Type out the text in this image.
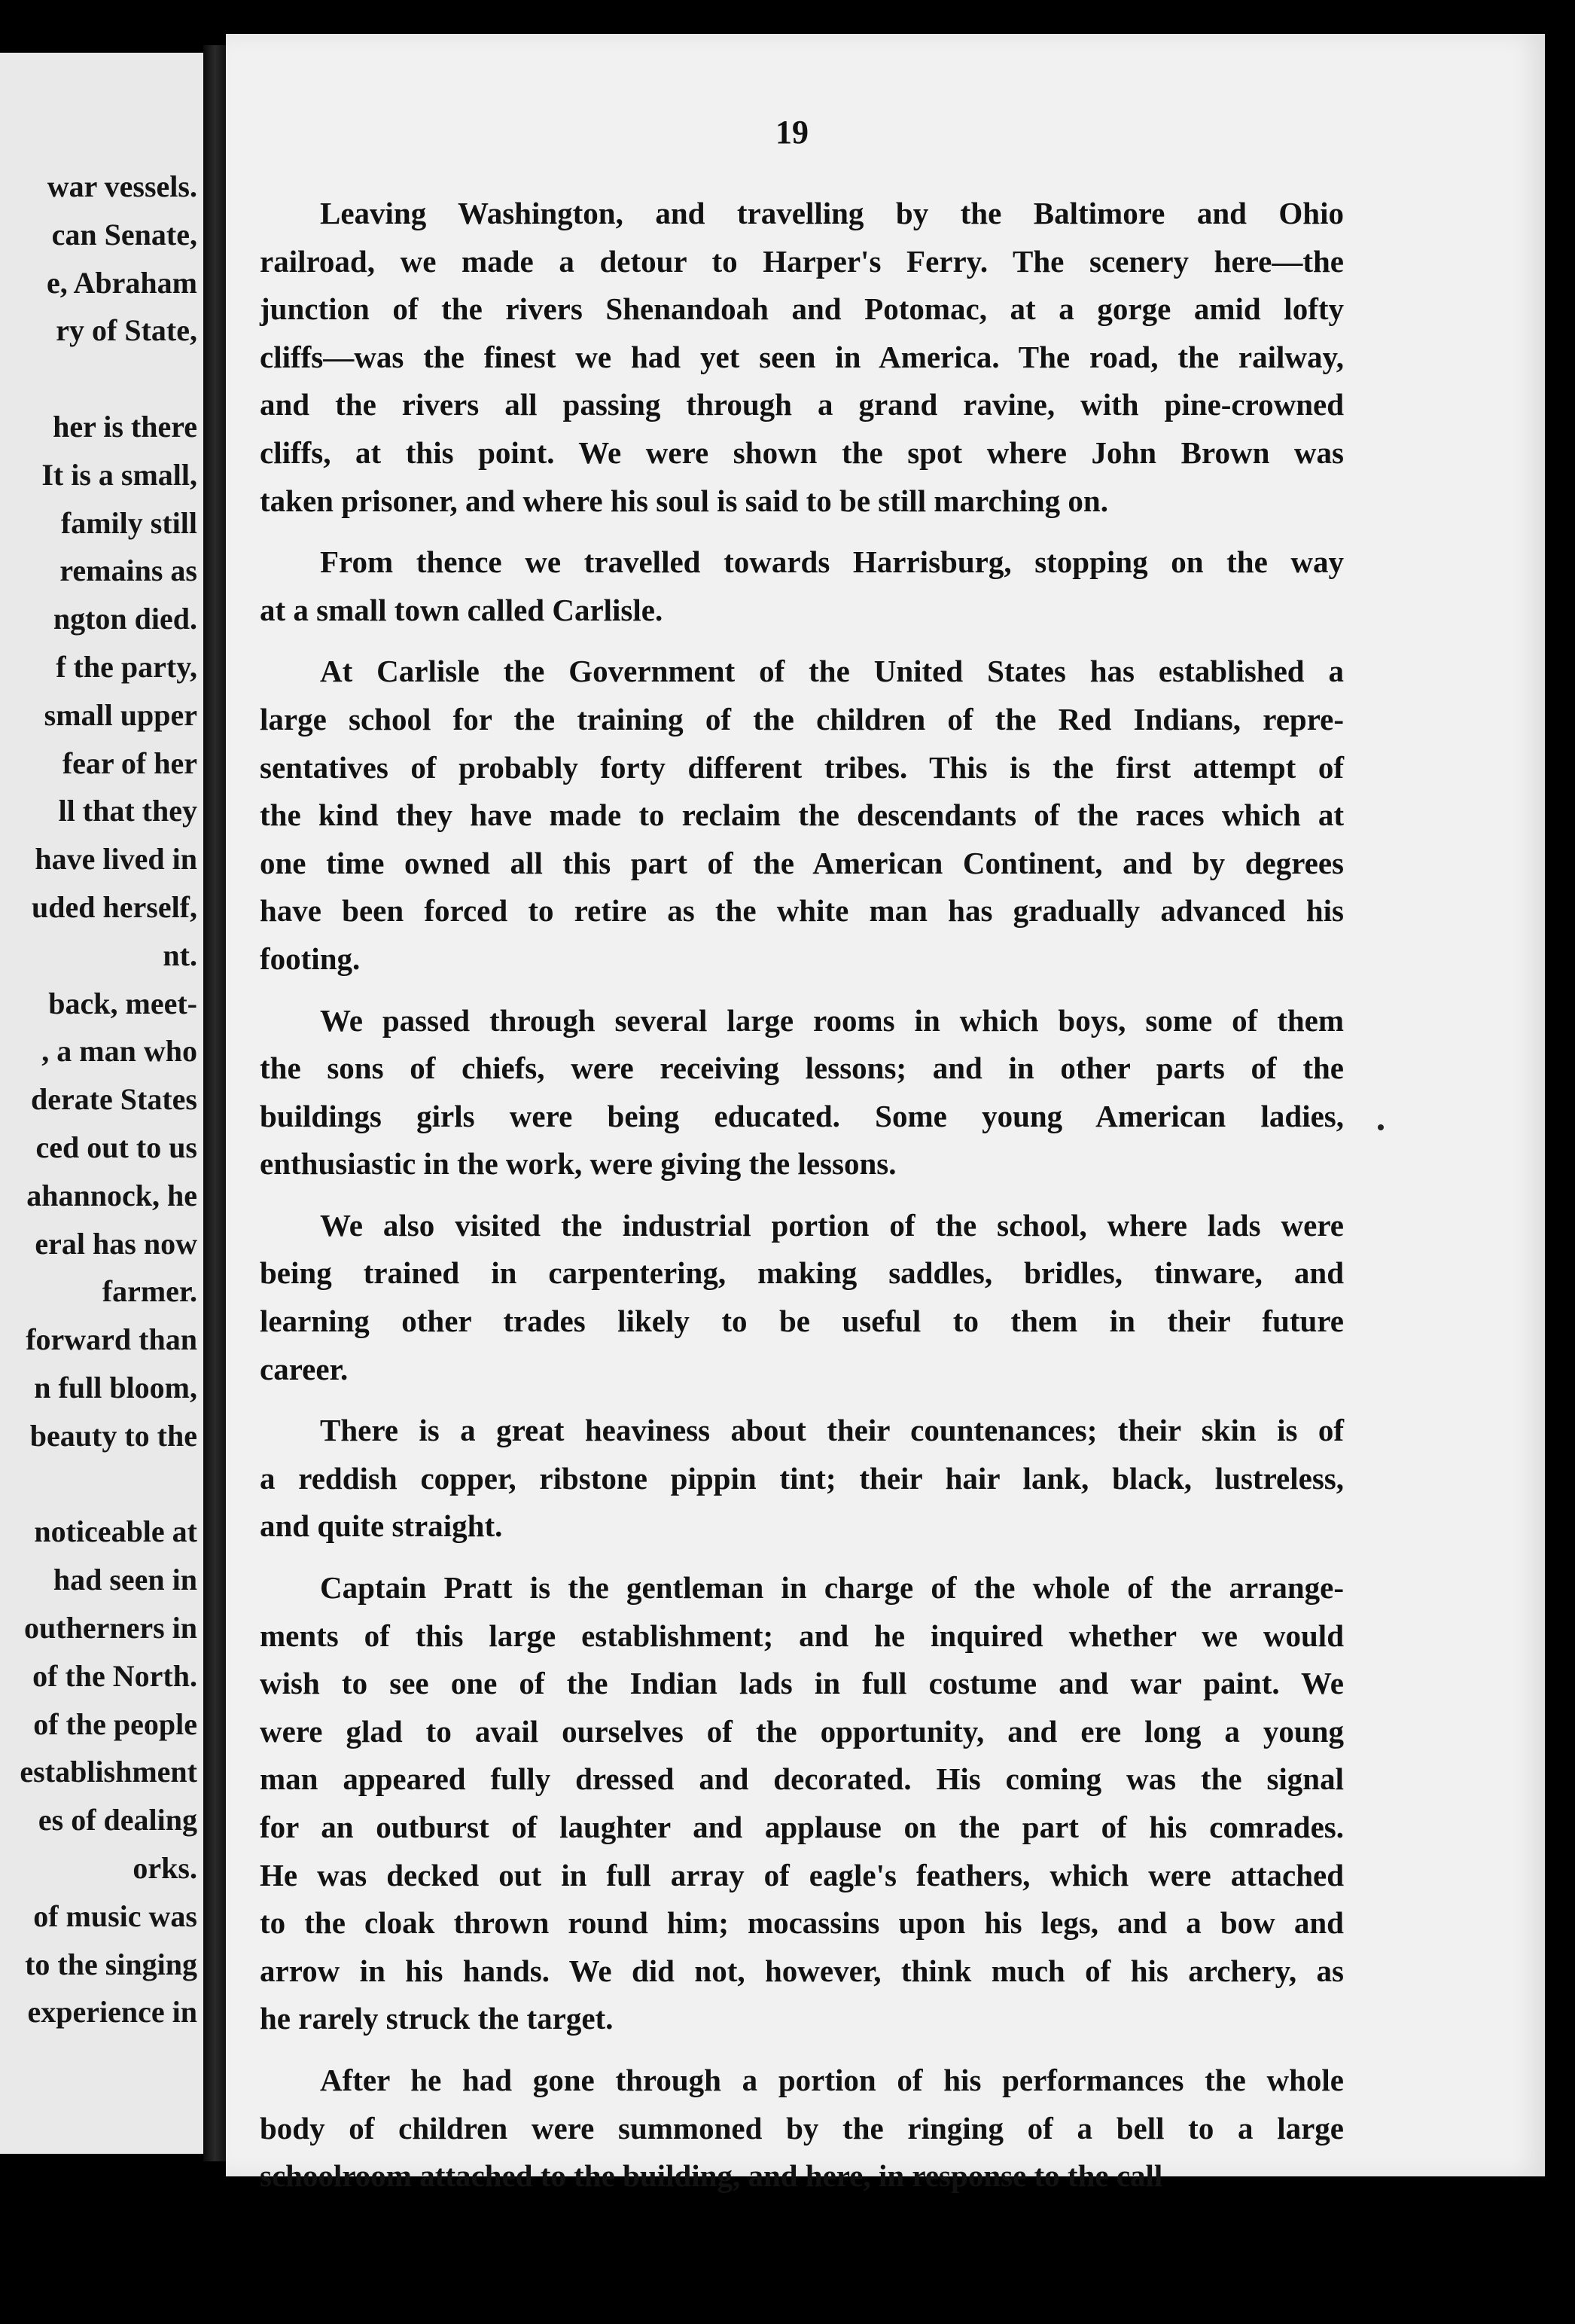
war vessels.
can Senate,
e, Abraham
ry of State,
her is there
It is a small,
family still
remains as
ngton died.
f the party,
small upper
fear of her
ll that they
have lived in
uded herself,
nt.
back, meet-
, a man who
derate States
ced out to us
ahannock, he
eral has now
farmer.
forward than
n full bloom,
beauty to the
noticeable at
had seen in
outherners in
of the North.
of the people
establishment
es of dealing
orks.
of music was
to the singing
experience in
19
Leaving Washington, and travelling by the Baltimore and Ohio
railroad, we made a detour to Harper's Ferry. The scenery here—the
junction of the rivers Shenandoah and Potomac, at a gorge amid lofty
cliffs—was the finest we had yet seen in America. The road, the railway,
and the rivers all passing through a grand ravine, with pine-crowned
cliffs, at this point. We were shown the spot where John Brown was
taken prisoner, and where his soul is said to be still marching on.
From thence we travelled towards Harrisburg, stopping on the way
at a small town called Carlisle.
At Carlisle the Government of the United States has established a
large school for the training of the children of the Red Indians, repre-
sentatives of probably forty different tribes. This is the first attempt of
the kind they have made to reclaim the descendants of the races which at
one time owned all this part of the American Continent, and by degrees
have been forced to retire as the white man has gradually advanced his
footing.
We passed through several large rooms in which boys, some of them
the sons of chiefs, were receiving lessons; and in other parts of the
buildings girls were being educated. Some young American ladies,
enthusiastic in the work, were giving the lessons.
We also visited the industrial portion of the school, where lads were
being trained in carpentering, making saddles, bridles, tinware, and
learning other trades likely to be useful to them in their future
career.
There is a great heaviness about their countenances; their skin is of
a reddish copper, ribstone pippin tint; their hair lank, black, lustreless,
and quite straight.
Captain Pratt is the gentleman in charge of the whole of the arrange-
ments of this large establishment; and he inquired whether we would
wish to see one of the Indian lads in full costume and war paint. We
were glad to avail ourselves of the opportunity, and ere long a young
man appeared fully dressed and decorated. His coming was the signal
for an outburst of laughter and applause on the part of his comrades.
He was decked out in full array of eagle's feathers, which were attached
to the cloak thrown round him; mocassins upon his legs, and a bow and
arrow in his hands. We did not, however, think much of his archery, as
he rarely struck the target.
After he had gone through a portion of his performances the whole
body of children were summoned by the ringing of a bell to a large
schoolroom attached to the building, and here, in response to the call
